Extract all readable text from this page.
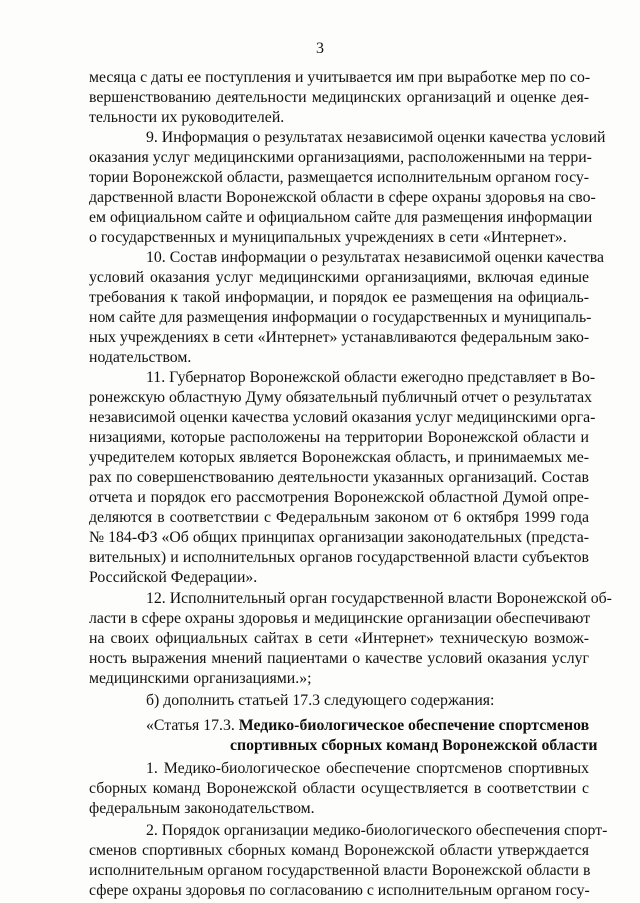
3
месяца с даты ее поступления и учитывается им при выработке мер по со-
вершенствованию деятельности медицинских организаций и оценке дея-
тельности их руководителей.
9. Информация о результатах независимой оценки качества условий
оказания услуг медицинскими организациями, расположенными на терри-
тории Воронежской области, размещается исполнительным органом госу-
дарственной власти Воронежской области в сфере охраны здоровья на сво-
ем официальном сайте и официальном сайте для размещения информации
о государственных и муниципальных учреждениях в сети «Интернет».
10. Состав информации о результатах независимой оценки качества
условий оказания услуг медицинскими организациями, включая единые
требования к такой информации, и порядок ее размещения на официаль-
ном сайте для размещения информации о государственных и муниципаль-
ных учреждениях в сети «Интернет» устанавливаются федеральным зако-
нодательством.
11. Губернатор Воронежской области ежегодно представляет в Во-
ронежскую областную Думу обязательный публичный отчет о результатах
независимой оценки качества условий оказания услуг медицинскими орга-
низациями, которые расположены на территории Воронежской области и
учредителем которых является Воронежская область, и принимаемых ме-
рах по совершенствованию деятельности указанных организаций. Состав
отчета и порядок его рассмотрения Воронежской областной Думой опре-
деляются в соответствии с Федеральным законом от 6 октября 1999 года
№ 184-ФЗ «Об общих принципах организации законодательных (предста-
вительных) и исполнительных органов государственной власти субъектов
Российской Федерации».
12. Исполнительный орган государственной власти Воронежской об-
ласти в сфере охраны здоровья и медицинские организации обеспечивают
на своих официальных сайтах в сети «Интернет» техническую возмож-
ность выражения мнений пациентами о качестве условий оказания услуг
медицинскими организациями.»;
б) дополнить статьей 17.3 следующего содержания:
«Статья 17.3. Медико-биологическое обеспечение спортсменов
спортивных сборных команд Воронежской области
1. Медико-биологическое обеспечение спортсменов спортивных
сборных команд Воронежской области осуществляется в соответствии с
федеральным законодательством.
2. Порядок организации медико-биологического обеспечения спорт-
сменов спортивных сборных команд Воронежской области утверждается
исполнительным органом государственной власти Воронежской области в
сфере охраны здоровья по согласованию с исполнительным органом госу-
